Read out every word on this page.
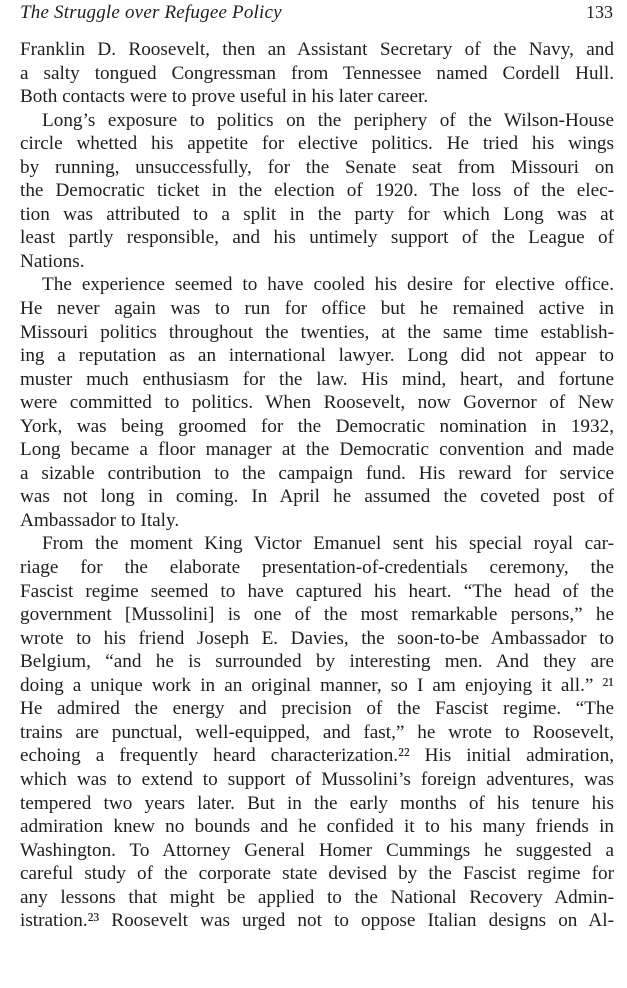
The Struggle over Refugee Policy	133
Franklin D. Roosevelt, then an Assistant Secretary of the Navy, and
a salty tongued Congressman from Tennessee named Cordell Hull.
Both contacts were to prove useful in his later career.
Long’s exposure to politics on the periphery of the Wilson-House
circle whetted his appetite for elective politics. He tried his wings
by running, unsuccessfully, for the Senate seat from Missouri on
the Democratic ticket in the election of 1920. The loss of the elec-
tion was attributed to a split in the party for which Long was at
least partly responsible, and his untimely support of the League of
Nations.
The experience seemed to have cooled his desire for elective office.
He never again was to run for office but he remained active in
Missouri politics throughout the twenties, at the same time establish-
ing a reputation as an international lawyer. Long did not appear to
muster much enthusiasm for the law. His mind, heart, and fortune
were committed to politics. When Roosevelt, now Governor of New
York, was being groomed for the Democratic nomination in 1932,
Long became a floor manager at the Democratic convention and made
a sizable contribution to the campaign fund. His reward for service
was not long in coming. In April he assumed the coveted post of
Ambassador to Italy.
From the moment King Victor Emanuel sent his special royal car-
riage for the elaborate presentation-of-credentials ceremony, the
Fascist regime seemed to have captured his heart. “The head of the
government [Mussolini] is one of the most remarkable persons,” he
wrote to his friend Joseph E. Davies, the soon-to-be Ambassador to
Belgium, “and he is surrounded by interesting men. And they are
doing a unique work in an original manner, so I am enjoying it all.” ²¹
He admired the energy and precision of the Fascist regime. “The
trains are punctual, well-equipped, and fast,” he wrote to Roosevelt,
echoing a frequently heard characterization.²² His initial admiration,
which was to extend to support of Mussolini’s foreign adventures, was
tempered two years later. But in the early months of his tenure his
admiration knew no bounds and he confided it to his many friends in
Washington. To Attorney General Homer Cummings he suggested a
careful study of the corporate state devised by the Fascist regime for
any lessons that might be applied to the National Recovery Admin-
istration.²³ Roosevelt was urged not to oppose Italian designs on Al-
